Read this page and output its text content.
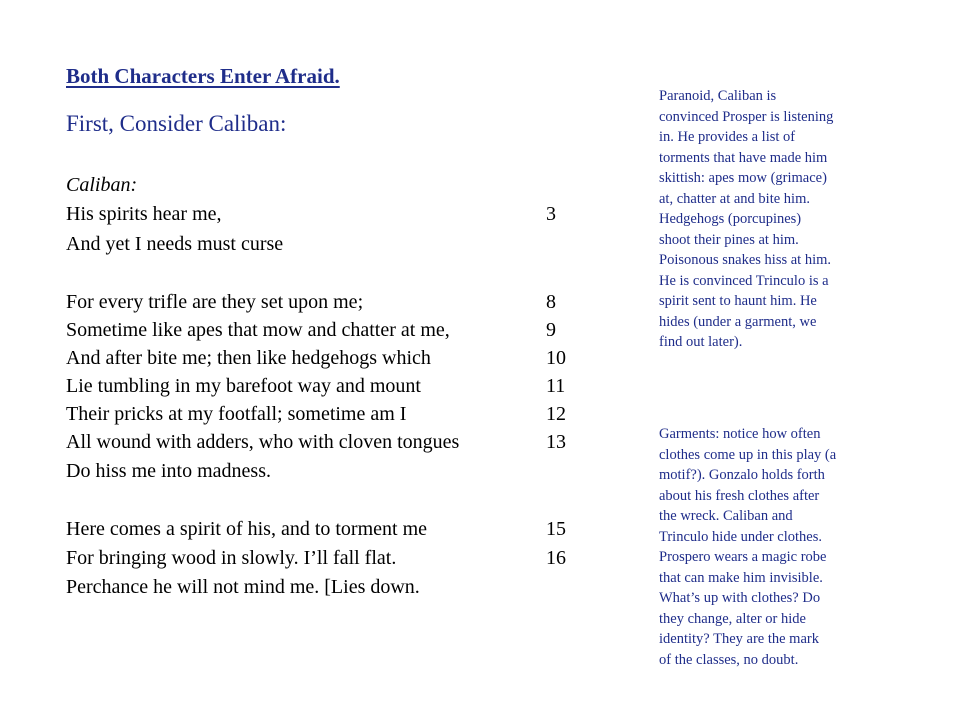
Both Characters Enter Afraid.
First, Consider Caliban:
Caliban:
His spirits hear me,	3
And yet I needs must curse
For every trifle are they set upon me;	8
Sometime like apes that mow and chatter at me,	9
And after bite me; then like hedgehogs which	10
Lie tumbling in my barefoot way and mount	11
Their pricks at my footfall; sometime am I	12
All wound with adders, who with cloven tongues	13
Do hiss me into madness.
Here comes a spirit of his, and to torment me	15
For bringing wood in slowly. I’ll fall flat.	16
Perchance he will not mind me. [Lies down.
Paranoid, Caliban is
convinced Prosper is listening
in. He provides a list of
torments that have made him
skittish: apes mow (grimace)
at, chatter at and bite him.
Hedgehogs (porcupines)
shoot their pines at him.
Poisonous snakes hiss at him.
He is convinced Trinculo is a
spirit sent to haunt him. He
hides (under a garment, we
find out later).
Garments: notice how often
clothes come up in this play (a
motif?). Gonzalo holds forth
about his fresh clothes after
the wreck. Caliban and
Trinculo hide under clothes.
Prospero wears a magic robe
that can make him invisible.
What’s up with clothes? Do
they change, alter or hide
identity? They are the mark
of the classes, no doubt.
